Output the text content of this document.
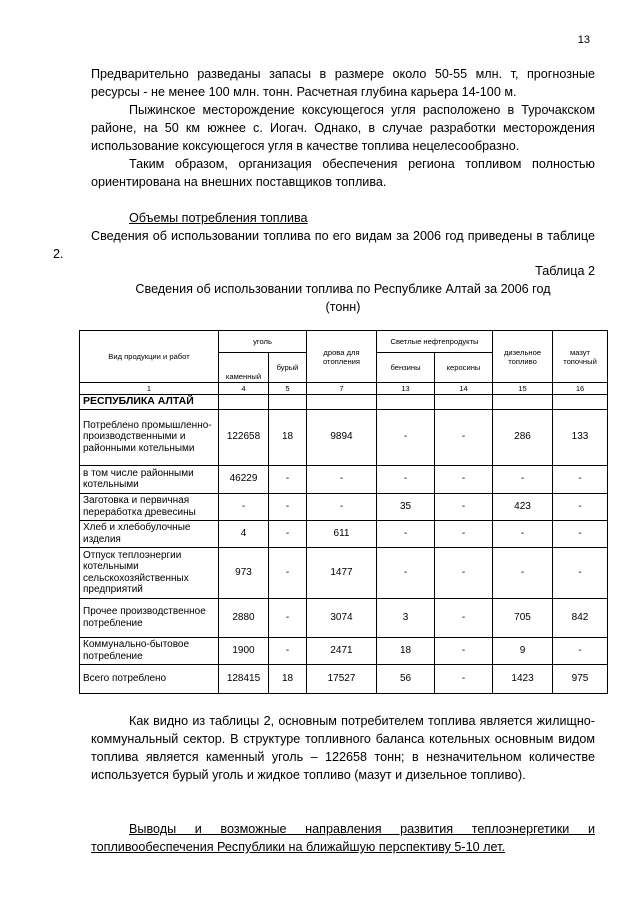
13
Предварительно разведаны запасы в размере около 50-55 млн. т, прогнозные ресурсы - не менее 100 млн. тонн. Расчетная глубина карьера 14-100 м.
Пыжинское месторождение коксующегося угля расположено в Турочакском районе, на 50 км южнее с. Иогач. Однако, в случае разработки месторождения использование коксующегося угля в качестве топлива нецелесообразно.
Таким образом, организация обеспечения региона топливом полностью ориентирована на внешних поставщиков топлива.
Объемы потребления топлива
Сведения об использовании топлива по его видам за 2006 год приведены в таблице 2.
Таблица 2
Сведения об использовании топлива по Республике Алтай за 2006 год
(тонн)
Вид продукции и работ	уголь		дрова для отопления	Светлые нефтепродукты		дизельное топливо	мазут топочный
	каменный	бурый		бензины	керосины		
1	4	5	7	13	14	15	16
РЕСПУБЛИКА АЛТАЙ							
Потреблено промышленно-производственными и районными котельными	122658	18	9894	-	-	286	133
в том числе районными котельными	46229	-	-	-	-	-	-
Заготовка и первичная переработка древесины	-	-	-	35	-	423	-
Хлеб и хлебобулочные изделия	4	-	611	-	-	-	-
Отпуск теплоэнергии котельными сельскохозяйственных предприятий	973	-	1477	-	-	-	-
Прочее производственное потребление	2880	-	3074	3	-	705	842
Коммунально-бытовое потребление	1900	-	2471	18	-	9	-
Всего потреблено	128415	18	17527	56	-	1423	975
Как видно из таблицы 2, основным потребителем топлива является жилищно-коммунальный сектор. В структуре топливного баланса котельных основным видом топлива является каменный уголь – 122658 тонн; в незначительном количестве используется бурый уголь и жидкое топливо (мазут и дизельное топливо).
Выводы и возможные направления развития теплоэнергетики и топливообеспечения Республики на ближайшую перспективу 5-10 лет.
